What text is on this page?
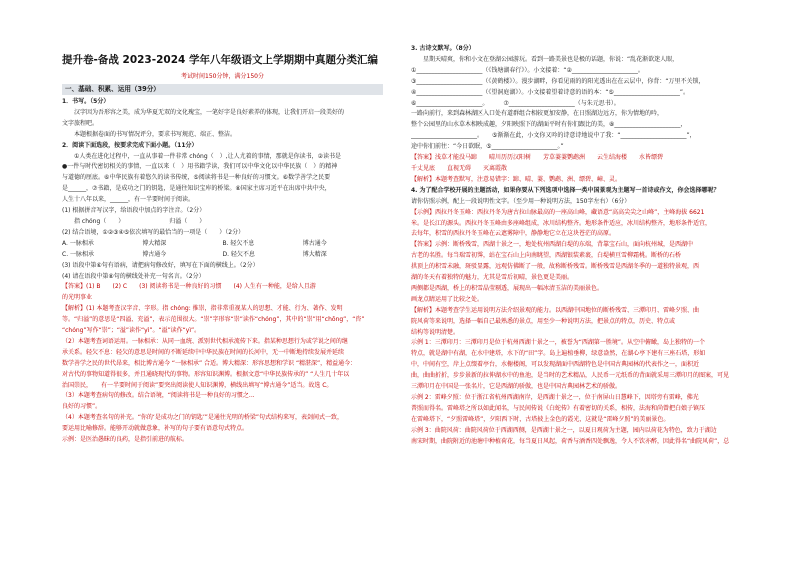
提升卷-备战 2023-2024 学年八年级语文上学期期中真题分类汇编
考试时间150分钟，满分150分
一、基础、积累、运用（39分）
1．书写。（5分）
汉字因为吾形容之美，成为华夏无双的文化瑰宝，一笔好字是良好素养的体现，让我们开启一段美好的
文字旅程吧。
本题根据卷面的书写情况评分，要求书写规范、端正、整洁。
2．阅读下面选段，按要求完成下面小题。（11分）
①人类在进化过程中，一直从事着一件非常 chóng（　）,让人尤着的事情，那就是你读书，②读书是
●一件与时代密切相关的事情，一直以来（　）用书籍学读，我们可以中华文化以中华民族（　）的精神
与道德的厘底。⑥中华民族有着悠久的读书传统，⑤阅读将书是一种良好的习惯文。⑥数学善学之民要
是______，⑦书籍，是成功之门的钥匙，是通往知识宝库的桥梁。⑧国家主席习近平在出席中共中央，
人生十八年以来，______，有一半要时间于阅读。
(1) 根据拼音写汉字，给语段中加点的字注音。（2分）
指 chóng（　　）　　　　　　　　归溢（　　）
(2) 结合语境，①②③④⑤依次填写的最恰当的一项是（　　）（2分）
A. 一脉相承	博大精深	B. 轻欠不息	博古通今
C. 一脉相承	博古通今	D. 轻欠不息	博大精深
(3) 语段中第⑥句有语病，请把病句修改好，填写在下面的横线上。（2分）
(4) 请在语段中第⑧句的横线处补充一句名言。（2分）
【答案】(1) B　　(2) C　　(3) 阅读将书是一种良好的习惯　　(4) 人生有一种能，是给人且游
的光明事业
【解析】(1) 本题考查汉字音、字形。指 chóng: 推崇，指非常重视某人的思想、才能、行为、著作、发明
等。“归溢”的意思是“四溢、充溢”，表示范围很大。“崇”字形容“崇”读作“chóng”，其中的“崇”用“chōng”，“咨”
“chóng”写作“崇”；“溢”读作“yì”。“溢”读作“yì”。
（2）本题考查词语运用。一脉相承：从同一血统、派别世代相承流传下来。指某种思想行为或学说之间的继
承关系。轻欠不息：轻欠的意思是时间的不断延续中中华民族在时间的长河中，无一中断地持续发展并延续
数学善学之民的世代昂来，相比博古通今 “一脉相承” 合适。博大精深：形容思想和学识 “精湛深”，精益通今：
对古代的事物知道得很多，并且通晓现代的事物。形容知识渊博。根据文意“中华民族传承的” “人生几十年以
治国崇民，　　有一半要时间于阅读”要突出阅读使人知识渊博，横线出填写“博古通今”适当。故选 C。
（3）本题考查病句的修改。结合语境，“阅读将书是一种良好的习惯之...
良好的习惯”。
（4）本题考查名句的补充。“你的‘是成功之门的钥匙’”是通往光明的桥梁”句式结构来写，表剑间式一致，
要运用比喻修辞。能够开动就做意象，补写的句子要有语意句式特点。
示例：是医治愚昧的良药，是指引前进的航标。
3. 古诗文默写。（8分）
星期天晴爽，你和小文在登湖公园游玩。看到一路美景也是极的话题，你说：“乱花渐欲迷人眼，
①______________________（《钱塘湖春行》）。小文接着：“②______________________。
③______________________（《黄鹤楼》）。漫步湖畔，你看见雨的的阳光透出在在云层中，你背：“万里不关锁，
④______________________（《望洞庭湖》）。小文接着望着诗意的语的本：“⑤______________________”。
⑥______________________。　　　⑦______________________（与朱元思书）。
一路向前行，来到森林湖区入口处有道群组合相较更加安静，在日照湖边远方，你为情地的吟，
整个公园里的山水草木相映成趣，夕阳映照下的湖面平时有你们跟比的美，⑧______________________，
______________________。　　⑤渐渐在此，小文你又吟的诗意诗地说中了我：“______________________”，
途中你们前往：“今日欲眠，⑤______________________。”
【答案】浅草才能没马蹄　　晴川历历汉阳树　　芳草萋萋鹦鹉洲　　云生结海楼　　水皆缥碧
千丈见底　　直视无碍　　灭离霞散
【解析】本题考查默写，注意易错字：蹄、晴、萋、鹦鹉、洲、缥碧、嶂、灵。
4. 为了配合学校开展的主题活动，如果你要从下列选项中选择一类中国景观为主题写一首诗或作文，你会选择哪呢？
请你仿照示例，配上一段说明性文字。（至少用一种说明方法，150字左右）（6分）
【示例】西拉丹冬玉峰：西拉丹冬为唐古拉山脉最高的一座高山峰，藏语意“高高尖尖之山峰”，主峰海拔 6621
米。是长江的源头。西拉丹冬玉峰由多座峰组成，冰川结构整齐。地形条件适应，冰川结构整齐，地形条件适宜，
去每年，积雪的西拉丹冬玉峰在云遮雾障中，静静地它立在这块苍茫的高原。
【答案】示例：断桥残雪，西湖十景之一，地处杭州西湖白堤的东端，背靠宝石山，面向杭州城，是西湖中
古老的名胜。每当瑞雪初霁，站在宝石山上向南眺望，西湖银装素裹，白堤横亘雪柳霜桃。断桥的石桥
拱顶上的积雪未融，斑驳显露，远观仿佛断了一般，故称断桥残雪。断桥残雪是西湖冬季的一道独特景观，西
湖的冬天有着独特的魅力，尤其是雪后初晴，景色更是美丽。
两侧都是西湖，桥上的积雪晶莹剔透，展现出一幅冰清玉洁的美丽景色。
画龙点睛运用了比较之处。
【解析】本题考查学生运用说明方法介绍景观的能力。以西湖中国地位的断桥残雪、三潭印月、雷峰夕照、曲
院风荷等来说明，选择一幅自己最熟悉的景点，用至少一种说明方法，把景点的特点，历史、特点或
结构等说明清楚。
示例 1：三潭印月：三潭印月是位于杭州西湖十景之一，被誉为“西湖第一胜境”。从空中俯瞰，岛上独特的一个
特点，就是湖中有湖，在水中建塔，水下的“田”字。岛上遍植垂柳，绿意盎然，在湖心亭下建有三座石塔，形如
中，中间有空，岸上点缀着亭台，水榭楼阁，可以发现湖面中西湖特色是中国古典园林的代表作之一，面积近
曲，曲曲折折，步步景新的拉伸湖水中的鱼池，是当时的艺术精品，人民币一元纸币的背面就采用三潭印月的图案，可见
三潭印月在中国是一张名片，它是西湖的骄傲，也是中国古典园林艺术的骄傲。
示例 2：雷峰夕照：位于浙江省杭州西湖南岸，是西湖十景之一，位于南屏山日慧峰下，因塔旁有雷峰，佛光
普照而得名。雷峰塔之所以如此闻名，与民间传说《白蛇传》有着密切的关系，相传，法海和尚曾把白娘子镇压
在雷峰塔下，“夕照雷峰塔”，夕阳西下时，古塔披上金色的霞光，这就是“雷峰夕照”的美丽景色。
示例 3：曲院风荷：曲院风荷位于西湖西侧，是西湖十景之一，以夏日观荷为主题，园内以荷花为特色，致力于湖边
南宋时期，曲院附近的池塘中种植荷花，每当夏日风起，荷香与酒香四处飘逸，令人不饮亦醉，因此得名“曲院风荷”，总
